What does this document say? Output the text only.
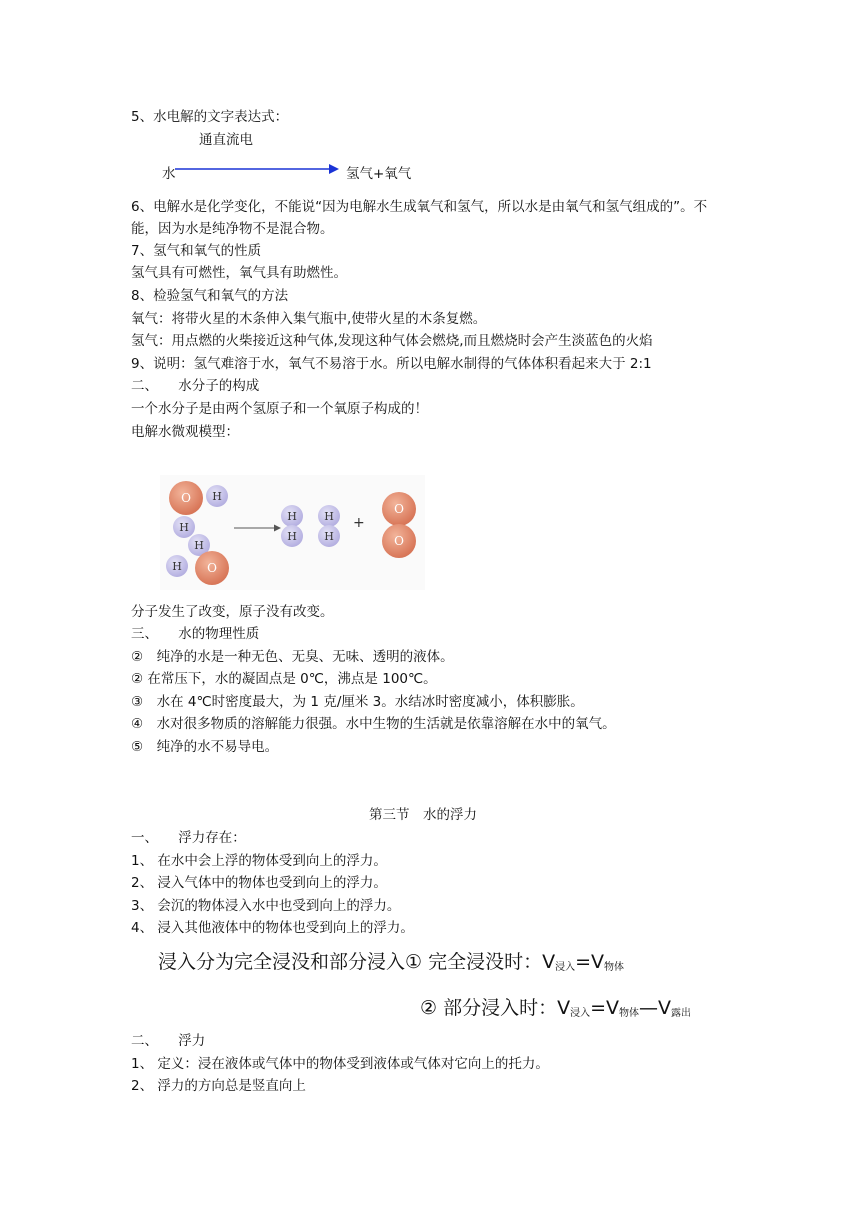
5、水电解的文字表达式：
通直流电
水	氢气+氧气
6、电解水是化学变化，不能说“因为电解水生成氧气和氢气，所以水是由氧气和氢气组成的”。不能，因为水是纯净物不是混合物。
7、氢气和氧气的性质
氢气具有可燃性，氧气具有助燃性。
8、检验氢气和氧气的方法
氧气：将带火星的木条伸入集气瓶中,使带火星的木条复燃。
氢气：用点燃的火柴接近这种气体,发现这种气体会燃烧,而且燃烧时会产生淡蓝色的火焰
9、说明：氢气难溶于水，氧气不易溶于水。所以电解水制得的气体体积看起来大于 2:1
二、　　水分子的构成
一个水分子是由两个氢原子和一个氧原子构成的！
电解水微观模型：
O	H
H
H
H	O
H
H
H
H
+
O
O
分子发生了改变，原子没有改变。
三、　　水的物理性质
②　纯净的水是一种无色、无臭、无味、透明的液体。
② 在常压下，水的凝固点是 0℃，沸点是 100℃。
③　水在 4℃时密度最大，为 1 克/厘米 3。水结冰时密度减小，体积膨胀。
④　水对很多物质的溶解能力很强。水中生物的生活就是依靠溶解在水中的氧气。
⑤　纯净的水不易导电。
第三节　水的浮力
一、　　浮力存在：
1、 在水中会上浮的物体受到向上的浮力。
2、 浸入气体中的物体也受到向上的浮力。
3、 会沉的物体浸入水中也受到向上的浮力。
4、 浸入其他液体中的物体也受到向上的浮力。
浸入分为完全浸没和部分浸入① 完全浸没时：$V_{浸入}=V_{物体}$
② 部分浸入时：$V_{浸入}=V_{物体}—V_{露出}$
二、　　浮力
1、 定义：浸在液体或气体中的物体受到液体或气体对它向上的托力。
2、 浮力的方向总是竖直向上
